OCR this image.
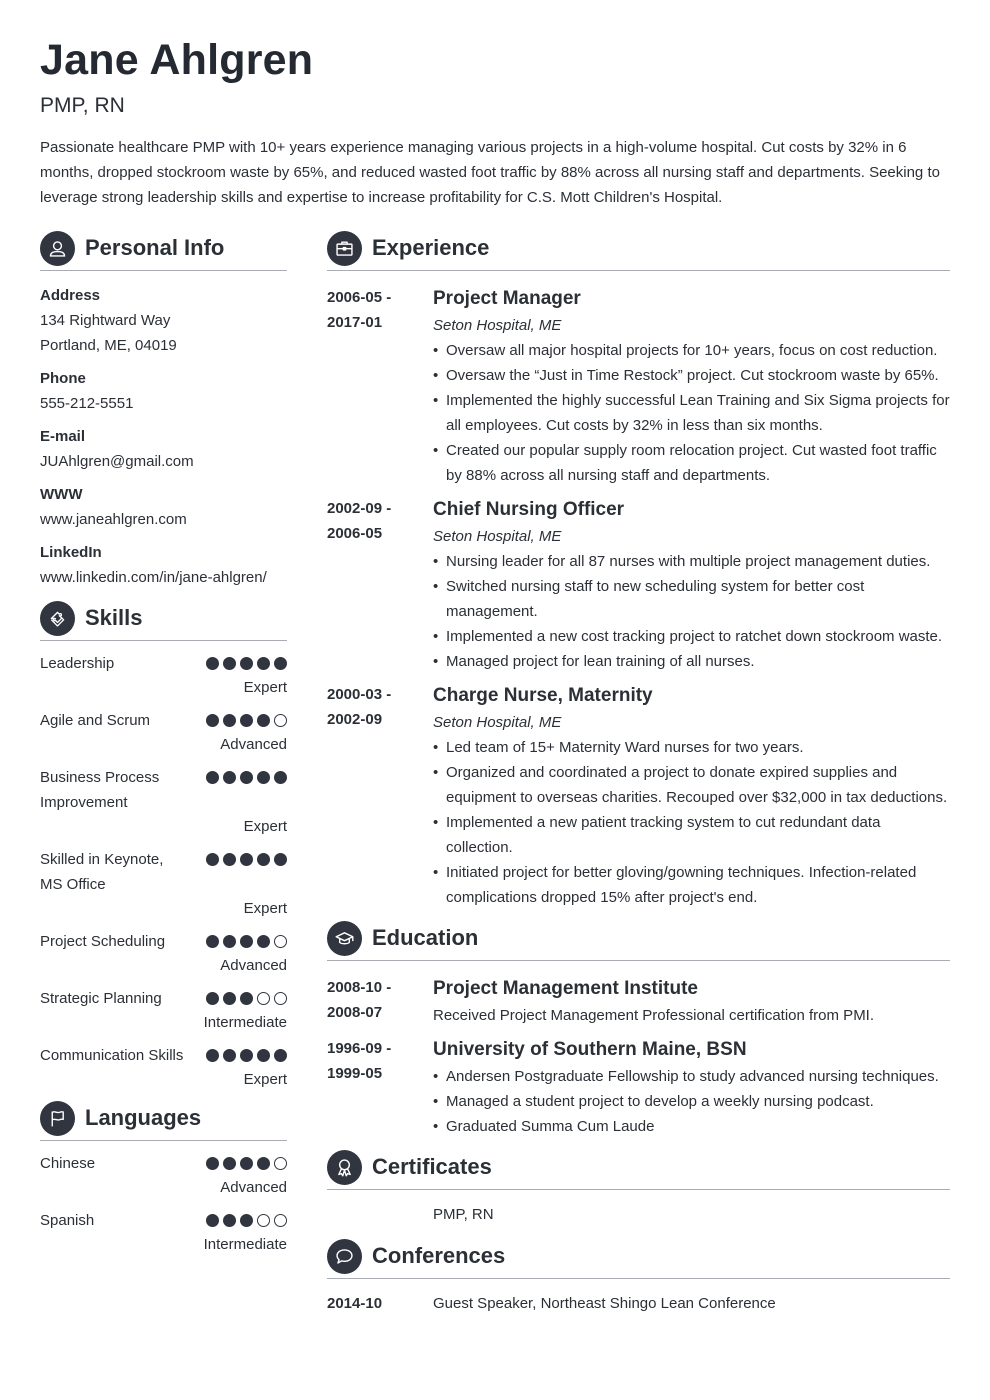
Jane Ahlgren
PMP, RN

Passionate healthcare PMP with 10+ years experience managing various projects in a high-volume hospital. Cut costs by 32% in 6 months, dropped stockroom waste by 65%, and reduced wasted foot traffic by 88% across all nursing staff and departments. Seeking to leverage strong leadership skills and expertise to increase profitability for C.S. Mott Children's Hospital.

Personal Info
Address
134 Rightward Way
Portland, ME, 04019
Phone
555-212-5551
E-mail
JUAhlgren@gmail.com
WWW
www.janeahlgren.com
LinkedIn
www.linkedin.com/in/jane-ahlgren/
Skills
Leadership
Expert
Agile and Scrum
Advanced
Business Process Improvement
Expert
Skilled in Keynote, MS Office
Expert
Project Scheduling
Advanced
Strategic Planning
Intermediate
Communication Skills
Expert
Languages
Chinese
Advanced
Spanish
Intermediate
Experience
2006-05 -
2017-01
Project Manager
Seton Hospital, ME
• Oversaw all major hospital projects for 10+ years, focus on cost reduction.
• Oversaw the “Just in Time Restock” project. Cut stockroom waste by 65%.
• Implemented the highly successful Lean Training and Six Sigma projects for all employees. Cut costs by 32% in less than six months.
• Created our popular supply room relocation project. Cut wasted foot traffic by 88% across all nursing staff and departments.
2002-09 -
2006-05
Chief Nursing Officer
Seton Hospital, ME
• Nursing leader for all 87 nurses with multiple project management duties.
• Switched nursing staff to new scheduling system for better cost management.
• Implemented a new cost tracking project to ratchet down stockroom waste.
• Managed project for lean training of all nurses.
2000-03 -
2002-09
Charge Nurse, Maternity
Seton Hospital, ME
• Led team of 15+ Maternity Ward nurses for two years.
• Organized and coordinated a project to donate expired supplies and equipment to overseas charities. Recouped over $32,000 in tax deductions.
• Implemented a new patient tracking system to cut redundant data collection.
• Initiated project for better gloving/gowning techniques. Infection-related complications dropped 15% after project's end.
Education
2008-10 -
2008-07
Project Management Institute
Received Project Management Professional certification from PMI.
1996-09 -
1999-05
University of Southern Maine, BSN
• Andersen Postgraduate Fellowship to study advanced nursing techniques.
• Managed a student project to develop a weekly nursing podcast.
• Graduated Summa Cum Laude
Certificates
PMP, RN
Conferences
2014-10	Guest Speaker, Northeast Shingo Lean Conference
